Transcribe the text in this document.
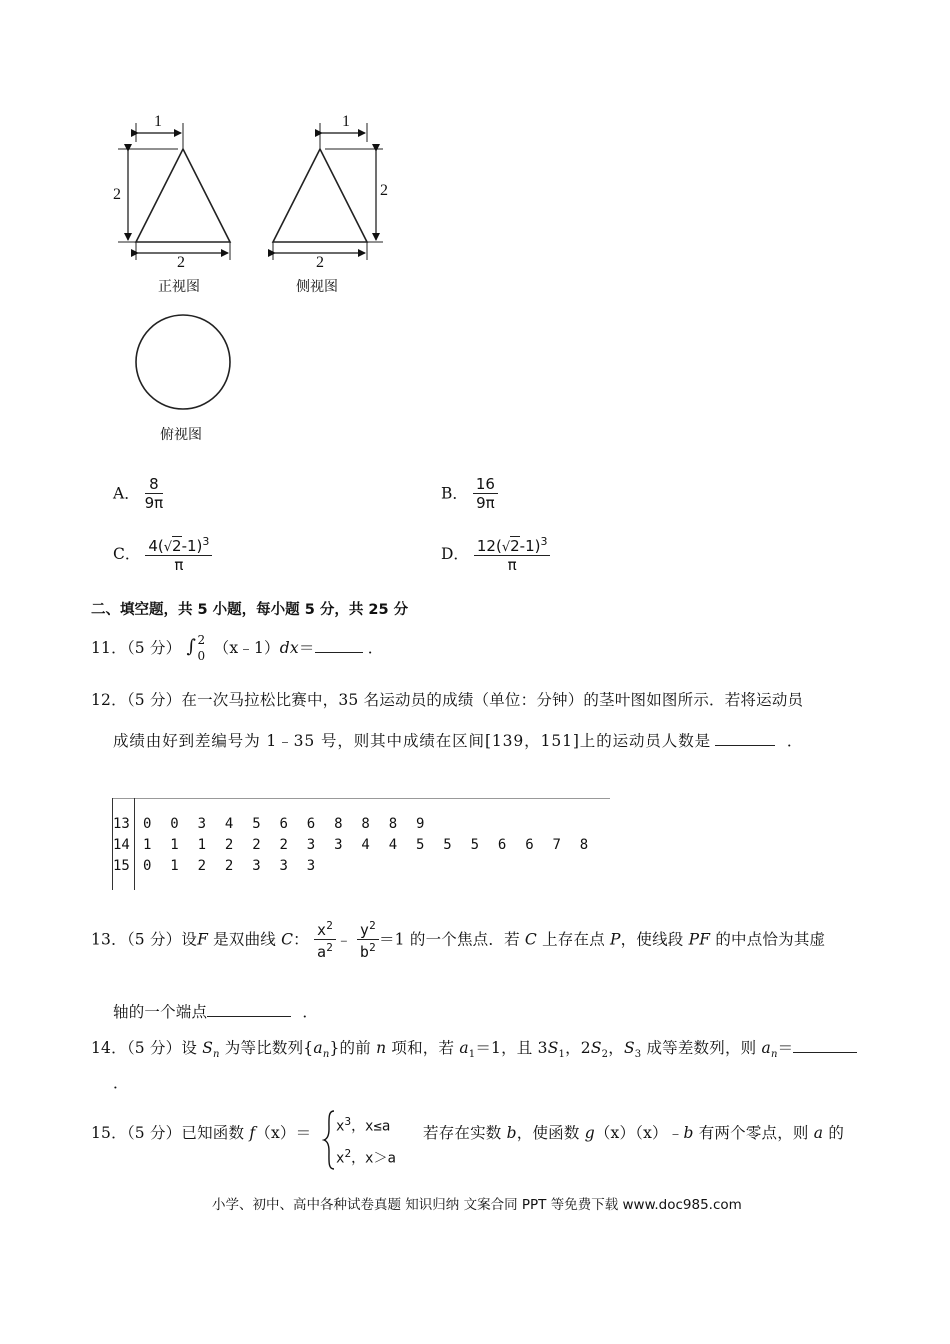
1
2
2
正视图
1
2
2
侧视图
俯视图
A． $\frac{8}{9\pi}$	B． $\frac{16}{9\pi}$
C． $\frac{4(√2-1)^3}{\pi}$	D． $\frac{12(√2-1)^3}{\pi}$
二、填空题，共 5 小题，每小题 5 分，共 25 分
11．（5 分） ∫ 2
0 （x﹣1）dx＝	．
12．（5 分）在一次马拉松比赛中，35 名运动员的成绩（单位：分钟）的茎叶图如图所示．若将运动员
成绩由好到差编号为 1﹣35 号，则其中成绩在区间[139，151]上的运动员人数是	．
13 0 0 3 4 5 6 6 8 8 8 9
14 1 1 1 2 2 2 3 3 4 4 5 5 5 6 6 7 8
15 0 1 2 2 3 3 3
13．（5 分）设F 是双曲线 C： $\frac{x^2}{a^2}$ ﹣ $\frac{y^2}{b^2} =1$ 的一个焦点．若 C 上存在点 P，使线段 PF 的中点恰为其虚
轴的一个端点	．
14．（5 分）设 $S_n$ 为等比数列$\{a_n\}$的前 n 项和，若 $a_1=1$，且 $3S_1$，$2S_2$，$S_3$ 成等差数列，则 $a_n=$
．
15．（5 分）已知函数 $f(x)= x^3$，x≤a
$x^2$，x＞a
若存在实数 b，使函数 g（x）（x）﹣b 有两个零点，则 a 的
小学、初中、高中各种试卷真题 知识归纳 文案合同 PPT 等免费下载 www.doc985.com
